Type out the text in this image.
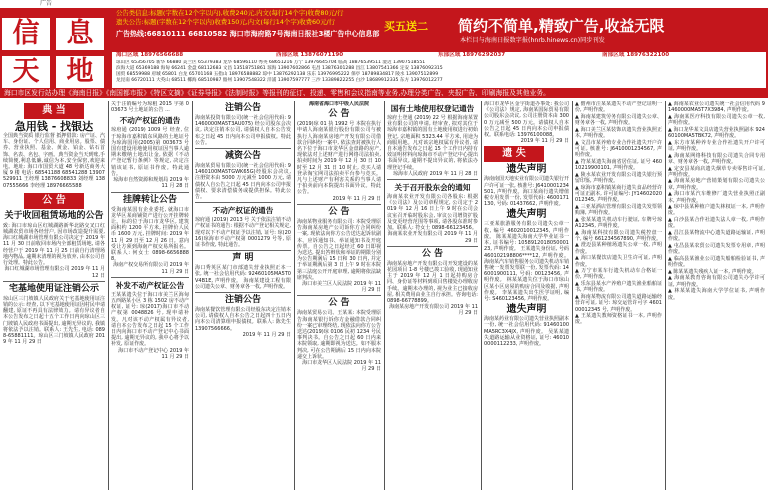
广告
信	息
天	地
公告类信息:标题(字数在12个字以内),收费240元,内文(每行14个字)收费80元/行
遗失公告:标题(字数在12个字以内)收费150元,内文(每行14个字)收费60元/行
广告热线:66810111 66810582 海口市海府路7号海南日报社3楼广告中心信息部
买五送二 简约不简单,精致广告,收益无限
本栏目与海南日报数字报(hnrb.hinews.cn)同步刊发
海口区域 18976566688	西部区域 13876071190	东部区域 18976292037	南部区域 18976322100
琼山区 65356705 新华 66880 美兰区 65379383 龙华 68596110 秀英 68651216 万宁 13976645704 临高 18876539511 澄迈 13907518551
滨海大道 65369188 海甸 66241 金盘 68112683 文昌 13518751861 琼海 13907602866 屯昌 13876301288 昌江 13807541366 定安 13876092315
国贸 68559988 府城 65801 白龙 65701168 五指山 18976588882 琼中 13876292138 乐东 13976995222 保亭 18789834817 陵水 13907512899
龙昆南 66720111 大英山 68511 椰海 68510987 儋州 13907548322 洋浦 13907597777 三沙 13389822255 白沙 18689912335 东方 13976012277
海口市区发行站办理《海南日报》《南国都市报》《特区文摘》《证券导报》《法制时报》等报刊的征订、投递、零售和会议指南等业务,办理分类广告、夹报广告、印刷海报及其他业务。
典 当
急用钱 - 找银达
全国典当资质 银行监督 抵押借款: 房产证、汽车、身份证、个人信用、商业用房。股票、债券、营业执照、基金、黄金、铂金、钻石首饰、名表、名包、字画。典当资金当天到账,手续简便,利息低廉,诚信为本,安全保密,欢迎来电。地址: 海口市国贸大道 48 号新达商务大厦 9 楼 电话: 68541188 68541288 13907529911 王经理 13876608833 刘经理 13807555666 李经理 18976665588
公 告
关于收回租赁场地的公告
致: 海口市琼山区红城湖路新华北路交叉口红城湖农贸市场各经营户, 因市场改造提升需要, 海口红城湖市场管理有限公司决定于 2019 年 11 月 30 日前收回市场内全部租赁场地, 请各经营户于 2019 年 11 月 25 日前自行清理场地内物品, 逾期未清理的视为放弃, 由本公司自行处理。特此公告。
海口红城湖市场管理有限公司 2019 年 11 月 12 日
宅基地使用证注销公示
琼山区三门坡镇人民政府关于宅基地使用证注销的公示: 经查, 以下宅基地使用证因村民申请翻建, 原证不再具有法律效力。请有异议者自本公告发布之日起十五个工作日内向琼山区三门坡镇人民政府书面提出, 逾期无异议的, 我镇将依法予以注销。联系人: 王先生, 电话: 0898-65881111。琼山区三门坡镇人民政府 2019 年 11 月 29 日
关于注销编号为琼租 2015 字第 003673 号土地证的公告 ...
不动产权证的通告
琼府通 (2019) 1009 号 经查, 位于琼海市嘉积镇东风路的土地证号为琼海国用(2005)第 003673 号国有建设用地使用权证因当事人逾期未缴纳土地出让金, 依据《不动产登记暂行条例》等规定, 决定注销该证书, 原证书作废。特此通告。
琼海市自然资源和规划局 2019 年 11 月 28 日
挂牌转让公告
受海南某国有企业委托, 就海口市龙华区某商铺资产进行公开挂牌转让。标的位于海口市龙华区, 建筑面积约 1200 平方米, 挂牌价人民币 1600 万元, 挂牌时间: 2019 年 11 月 29 日至 12 月 26 日。意向受让方须到海南产权交易所报名。联系人: 何女士 0898-66568888。
海南产权交易所有限公司 2019 年 11 月 29 日
补发不动产权证公告
王某某遗失位于海口市美兰区海甸五西路某小区 3 栋 1502 房不动产权证, 证号: 琼(2017)海口市不动产权第 0048826 号, 现申请补发。凡对该不动产权属有异议者, 请自本公告发布之日起 15 个工作日内向海口市不动产登记中心书面提出, 逾期无异议的, 我中心将予以补发, 原证作废。
海口市不动产登记中心 2019 年 11 月 29 日
注销公告
海南某投资有限公司(统一社会信用代码: 91460000MA5T3AU075) 经公司股东会决议, 决定注销本公司, 请债权人自本公告发布之日起 45 日内向本公司申报债权。特此公告。
减资公告
海南某贸易有限公司(统一社会信用代码: 91460100MA5TGWK65G)经股东会决议, 注册资本由 5000 万元减至 1000 万元, 请债权人自公告之日起 45 日内向本公司申报债权、要求清偿债务或提供担保。特此公告。
不动产权证的通告
琼府通 (2019) 2013 号 关于依法注销不动产权证书的通告: 根据不动产登记相关规定, 现对以下不动产权证予以注销, 证号: 琼(2016)琼海市不动产权第 0001279 号等, 原证书作废, 特此通告。
声 明
海口秀英区某门市部遗失营业执照正本一张, 统一社会信用代码: 92460105MA5T0V4B1E, 声明作废。 海南某建设工程有限公司遗失公章、财务章各一枚, 声明作废。
注销公告
海南某餐饮管理有限公司经股东决定注销本公司, 请债权人自本公告之日起四十五日内向本公司清算组申报债权。联系人: 陈先生 13907566666。
2019 年 11 月 29 日
海南省海口市中级人民法院
公 告
(2019)琼 01 执 1992 号 本院在执行申请人海南某银行股份有限公司与被执行人海南某房地产开发有限公司借款合同纠纷一案中, 依法查封被执行人名下位于海口市龙华区金盘路的房产, 现依法对上述财产进行网络司法拍卖, 拍卖时间为 2019 年 12 月 30 日 10 时至 12 月 31 日 10 时止, 竞买人请登录淘宝网司法拍卖平台参与竞买。凡与上述财产有利害关系的当事人请于拍卖前向本院提出书面异议。特此公告。
2019 年 11 月 29 日
公 告
海南某物业服务有限公司: 本院受理原告海南某房地产公司诉你方合同纠纷一案, 现依法向你方公告送达起诉状副本、应诉通知书、举证通知书及开庭传票。自公告之日起经过 60 日即视为送达, 提出答辩状和举证的期限分别为公告期满后 15 日和 30 日内, 并定于举证期满后第 3 日上午 9 时在本院第三法庭公开开庭审理, 逾期将依法缺席判决。
海口市美兰区人民法院 2019 年 11 月 29 日
公 告
海南某贸易公司、王某某: 本院受理原告海南某银行诉你方金融借款合同纠纷一案已审理终结, 现依法向你方公告送达(2019)琼 0106 民初 1234 号民事判决书。自公告之日起 60 日内来本院领取, 逾期即视为送达。如不服本判决, 可在公告期满后 15 日内向本院递交上诉状。
海口市龙华区人民法院 2019 年 11 月 29 日
国有土地使用权登记通告
琼府土登通 (2019) 22 号 根据海南某置业有限公司的申请, 经审查, 拟对其位于琼海市嘉积镇的国有土地使用权进行初始登记, 宗地面积 5323.44 平方米, 用途为商服用地。凡对该宗地权属有异议者, 请自本通告发布之日起 15 个工作日内持有效证明材料向琼海市不动产登记中心提出书面异议, 逾期不提出异议的, 将依法办理登记手续。
琼海市人民政府 2019 年 11 月 28 日
关于召开股东会的通知
海南某农业开发有限公司各股东: 根据《公司法》及公司章程规定, 公司定于 2019 年 12 月 16 日上午 9 时在公司会议室召开临时股东会, 审议公司增资扩股及变更经营范围等事项, 请各股东准时参加。联系人: 符女士 0898-66123456。
海南某农业开发有限公司 2019 年 11 月 29 日
公 告
海南某房地产开发有限公司开发建设的某花园项目 1-8 号楼已竣工验收, 现通知业主于 2019 年 12 月 1 日起持购房合同、身份证等材料到项目售楼处办理收房手续。逾期未办理的, 视为业主已接收房屋, 相关费用由业主自行承担。咨询电话: 0898-66778899。
海南某房地产开发有限公司 2019 年 11 月 29 日
海口市龙华区金宇街道办事处: 我公司《公司法》规定, 海南某国际贸易有限公司股东会决议, 公司注册资本由 3000 万元减至 500 万元。请债权人自本公告之日起 45 日内向本公司申报债权。联系电话: 13976100088。
2019 年 11 月 29 日
遗 失
遗失声明
海南南国天地实业有限公司遗失银行开户许可证一张, 核准号: J6410001234501, 声明作废。海口某商行遗失增值税专用发票一份, 发票代码: 4600171130, 号码: 01437662, 声明作废。
遗失声明
三亚某旅游服务有限公司遗失公章一枚, 编号 4602010012345, 声明作废。 陈某某遗失海南大学毕业证书一本, 证书编号: 105891201805000123, 声明作废。 王某遗失身份证, 号码 460102198806****12, 声明作废。 海南某汽车销售服务公司遗失机动车销售统一发票发票联一份, 发票代码: 146001900111, 号码: 00123456, 声明作废。 林某某遗失位于海口市琼山区某小区房屋的购房合同及收据, 声明作废。 李某某遗失出生医学证明, 编号: S460123456, 声明作废。
遗失声明
海南某药业有限公司遗失营业执照副本一份, 统一社会信用代码: 91460100MA5RC3X4JX, 声明作废。 吴某某遗失道路运输从业资格证, 证号: 460100000112233, 声明作废。
▲ 儋州市汪某某遗失不动产登记证明一份, 声明作废。
▲ 海南某建筑劳务有限公司遗失公章、财务章各一枚, 声明作废。
▲ 海口美兰区某装饰店遗失营业执照正本, 声明作废。
▲ 文昌市某养殖专业合作社遗失开户许可证, 核准号: J6410001234567, 声明作废。
▲ 符某某遗失海南省居住证, 证号 46010219900101, 声明作废。
▲ 陵水某农业开发有限公司遗失银行预留印鉴, 声明作废。
▲ 琼海市嘉积镇某商行遗失食品经营许可证正副本, 许可证编号: JY14602020012345, 声明作废。
▲ 三亚某酒店管理有限公司遗失发票领购簿, 声明作废。
▲ 张某某遗失机动车行驶证, 车牌号琼 A12345, 声明作废。
▲ 海南某科技有限公司遗失税控盘一个, 编号 661234567890, 声明作废。
▲ 澄迈县某种植场遗失公章一枚, 声明作废。
▲ 海口某餐饮店遗失卫生许可证, 声明作废。
▲ 万宁市某车行遗失机动车合格证一份, 声明作废。
▲ 乐东县某水产养殖户遗失渔业船舶证书, 声明作废。
▲ 海南某物流有限公司遗失道路运输经营许可证, 证号: 琼交运管许可字 460100012345 号, 声明作废。
▲ 王某遗失教师资格证书一本, 声明作废。
▲ 海南某农业公司遗失统一社会信用代码 91460000MA5T7X3984, 声明作废。
▲ 海南某医疗科技有限公司遗失公章一枚, 声明作废。
▲ 海口龙华某文具店遗失营业执照副本 92460100MA5TBK72, 声明作废。
▲ 东方市某种养专业合作社遗失开户许可证, 声明作废。
▲ 海南某网络科技有限公司遗失合同专用章、财务章各一枚, 声明作废。
▲ 定安县某商店遗失烟草专卖零售许可证, 声明作废。
▲ 海南某房地产营销策划有限公司遗失公章, 声明作废。
▲ 海口市某汽车维修厂遗失营业执照正副本, 声明作废。
▲ 琼中县某种植户遗失林权证一本, 声明作废。
▲ 白沙县某合作社遗失法人章一枚, 声明作废。
▲ 昌江县某物流中心遗失道路运输证, 声明作废。
▲ 屯昌县某农贸公司遗失发票专用章, 声明作废。
▲ 临高县某渔业公司遗失船舶检验证书, 声明作废。
▲ 陈某某遗失残疾人证一本, 声明作废。
▲ 海南某教育咨询有限公司遗失办学许可证, 声明作废。
▲ 林某某遗失海南大学学位证书, 声明作废。
